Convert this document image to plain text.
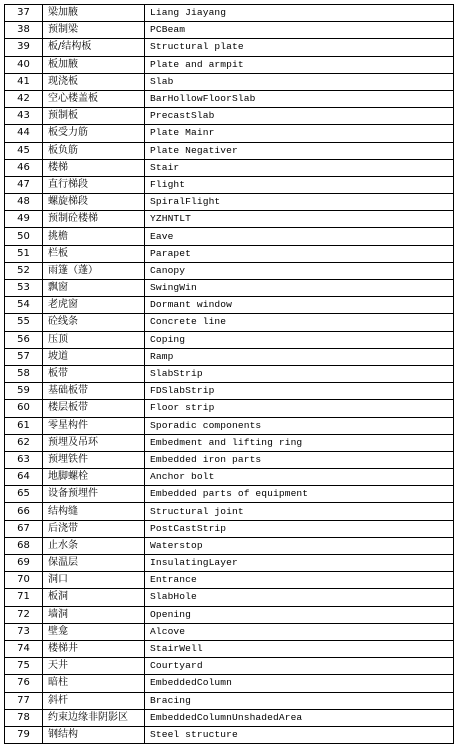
37	梁加腋	Liang Jiayang
38	预制梁	PCBeam
39	板/结构板	Structural plate
40	板加腋	Plate and armpit
41	现浇板	Slab
42	空心楼盖板	BarHollowFloorSlab
43	预制板	PrecastSlab
44	板受力筋	Plate Mainr
45	板负筋	Plate Negativer
46	楼梯	Stair
47	直行梯段	Flight
48	螺旋梯段	SpiralFlight
49	预制砼楼梯	YZHNTLT
50	挑檐	Eave
51	栏板	Parapet
52	雨篷（蓬）	Canopy
53	飘窗	SwingWin
54	老虎窗	Dormant window
55	砼线条	Concrete line
56	压顶	Coping
57	坡道	Ramp
58	板带	SlabStrip
59	基础板带	FDSlabStrip
60	楼层板带	Floor strip
61	零星构件	Sporadic components
62	预埋及吊环	Embedment and lifting ring
63	预埋铁件	Embedded iron parts
64	地脚螺栓	Anchor bolt
65	设备预埋件	Embedded parts of equipment
66	结构缝	Structural joint
67	后浇带	PostCastStrip
68	止水条	Waterstop
69	保温层	InsulatingLayer
70	洞口	Entrance
71	板洞	SlabHole
72	墙洞	Opening
73	壁龛	Alcove
74	楼梯井	StairWell
75	天井	Courtyard
76	暗柱	EmbeddedColumn
77	斜杆	Bracing
78	约束边缘非阴影区	EmbeddedColumnUnshadedArea
79	钢结构	Steel structure
